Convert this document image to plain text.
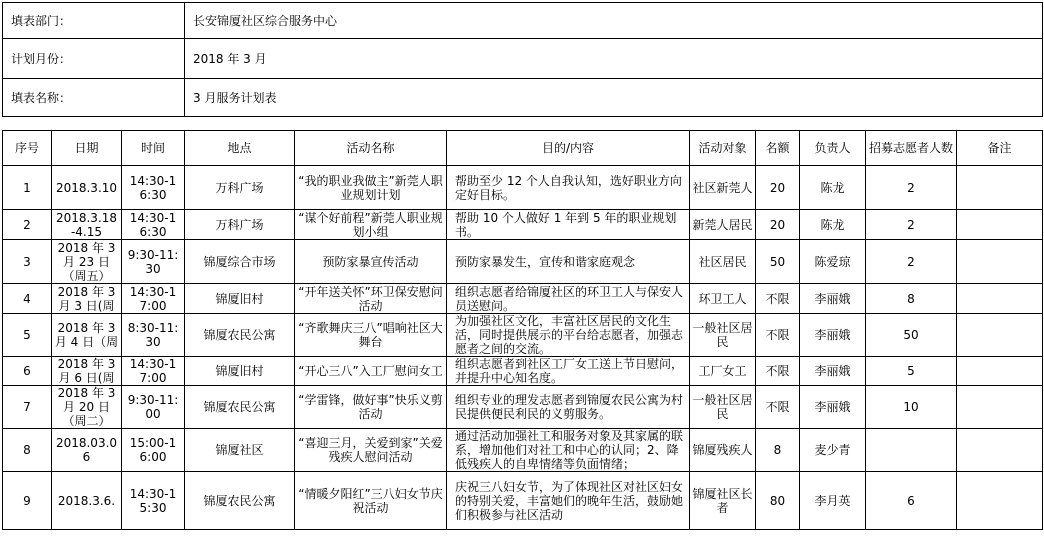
填表部门：	长安锦厦社区综合服务中心
计划月份：	2018 年 3 月
填表名称：	3 月服务计划表
序号	日期	时间	地点	活动名称	目的/内容	活动对象	名额	负责人	招募志愿者人数	备注
1	2018.3.10	14:30-16:30	万科广场	“我的职业我做主”新莞人职业规划计划	帮助至少 12 个人自我认知，选好职业方向定好目标。	社区新莞人	20	陈龙	2	
2	2018.3.18-4.15	14:30-16:30	万科广场	“谋个好前程”新莞人职业规划小组	帮助 10 个人做好 1 年到 5 年的职业规划书。	新莞人居民	20	陈龙	2	
3	2018 年 3 月 23 日（周五）	9:30-11:30	锦厦综合市场	预防家暴宣传活动	预防家暴发生，宣传和谐家庭观念	社区居民	50	陈爱琼	2	
4	2018 年 3 月 3 日(周	14:30-17:00	锦厦旧村	“开年送关怀”环卫保安慰问活动	组织志愿者给锦厦社区的环卫工人与保安人员送慰问。	环卫工人	不限	李丽娥	8	
5	2018 年 3 月 4 日（周	8:30-11:30	锦厦农民公寓	“齐歌舞庆三八”唱响社区大舞台	为加强社区文化，丰富社区居民的文化生活，同时提供展示的平台给志愿者，加强志愿者之间的交流。	一般社区居民	不限	李丽娥	50	
6	2018 年 3 月 6 日(周	14:30-17:00	锦厦旧村	“开心三八”入工厂慰问女工	组织志愿者到社区工厂女工送上节日慰问，并提升中心知名度。	工厂女工	不限	李丽娥	5	
7	2018 年 3 月 20 日（周二）	9:30-11:00	锦厦农民公寓	“学雷锋，做好事”快乐义剪活动	组织专业的理发志愿者到锦厦农民公寓为村民提供便民利民的义剪服务。	一般社区居民	不限	李丽娥	10	
8	2018.03.06	15:00-16:00	锦厦社区	“喜迎三月，关爱到家”关爱残疾人慰问活动	通过活动加强社工和服务对象及其家属的联系，增加他们对社工和中心的认同；2、降低残疾人的自卑情绪等负面情绪；	锦厦残疾人	8	麦少青		
9	2018.3.6.	14:30-15:30	锦厦农民公寓	“情暖夕阳红”三八妇女节庆祝活动	庆祝三八妇女节，为了体现社区对社区妇女的特别关爱，丰富她们的晚年生活，鼓励她们积极参与社区活动	锦厦社区长者	80	李月英	6	
